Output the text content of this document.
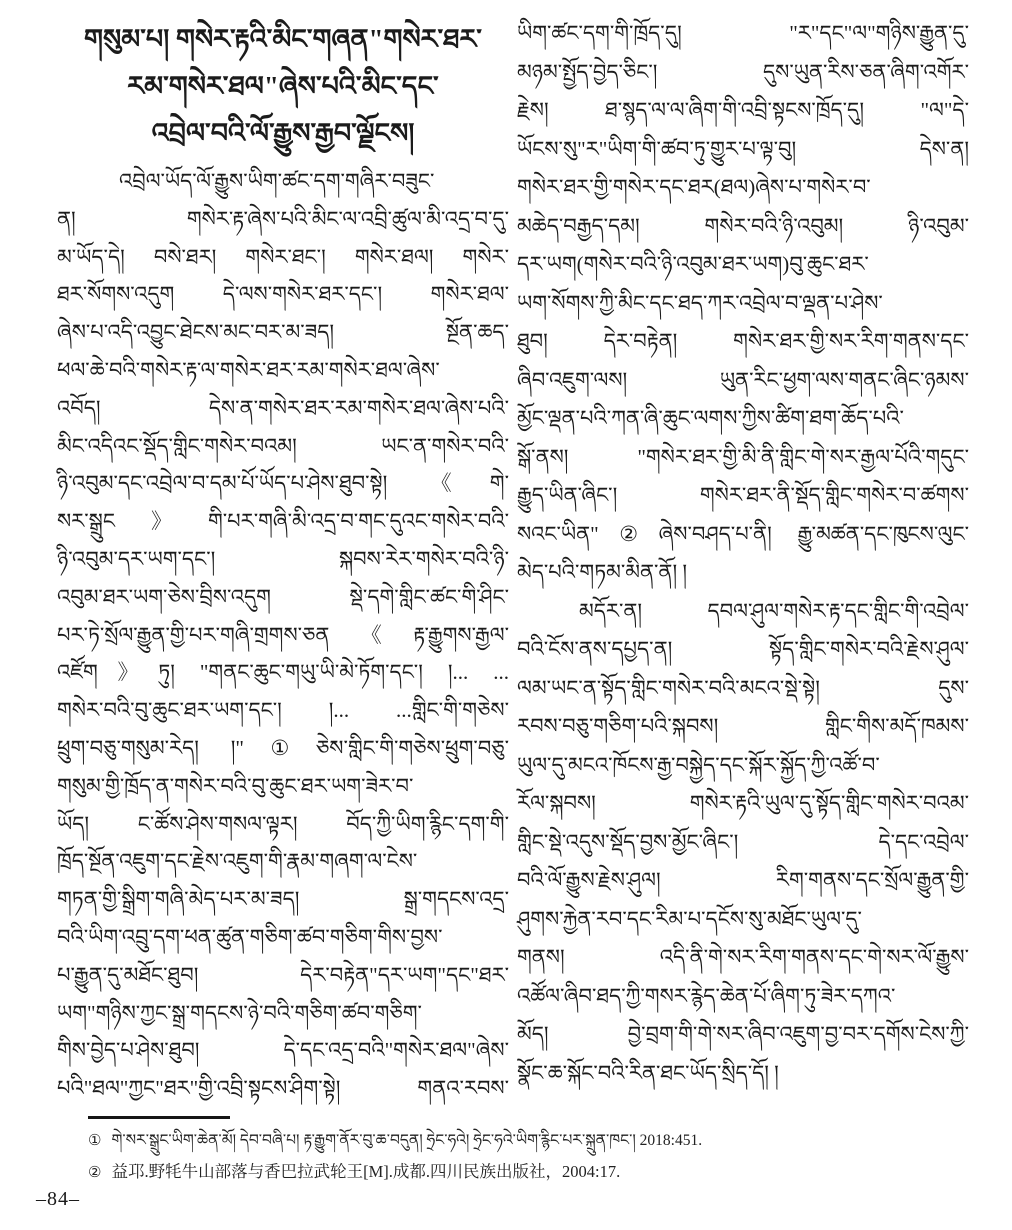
གསུམ་པ། གསེར་རྟའི་མིང་གཞན"གསེར་ཐར་
རམ་གསེར་ཐལ"ཞེས་པའི་མིང་དང་
འབྲེལ་བའི་ལོ་རྒྱུས་རྒྱབ་ལྗོངས།
འབྲེལ་ཡོད་ལོ་རྒྱུས་ཡིག་ཚང་དག་གཞིར་བཟུང་
ན། གསེར་རྟ་ཞེས་པའི་མིང་ལ་འབྲི་ཚུལ་མི་འདྲ་བ་དུ་
མ་ཡོད་དེ། བསེ་ཐར། གསེར་ཐང་། གསེར་ཐལ། གསེར་
ཐར་སོགས་འདུག དེ་ལས་གསེར་ཐར་དང་། གསེར་ཐལ་
ཞེས་པ་འདི་འབྱུང་ཐེངས་མང་བར་མ་ཟད། སྔོན་ཆད་
ཕལ་ཆེ་བའི་གསེར་རྟ་ལ་གསེར་ཐར་རམ་གསེར་ཐལ་ཞེས་
འབོད། དེས་ན་གསེར་ཐར་རམ་གསེར་ཐལ་ཞེས་པའི་
མིང་འདིའང་སྡོད་གླིང་གསེར་བའམ། ཡང་ན་གསེར་བའི་
ཉི་འབུམ་དང་འབྲེལ་བ་དམ་པོ་ཡོད་པ་ཤེས་ཐུབ་སྟེ། 《གེ་
སར་སྒྲུང》གི་པར་གཞི་མི་འདྲ་བ་གང་དུའང་གསེར་བའི་
ཉི་འབུམ་དར་ཡག་དང་། སྐབས་རེར་གསེར་བའི་ཉི་
འབུམ་ཐར་ཡག་ཅེས་བྲིས་འདུག སྡེ་དགེ་གླིང་ཚང་གི་ཤིང་
པར་ཏེ་སྲོལ་རྒྱུན་གྱི་པར་གཞི་གྲགས་ཅན《རྟ་རྒྱུགས་རྒྱལ་
འཛོག》ཏུ། "གནང་ཆུང་གཡུ་ཡི་མེ་ཏོག་དང་། །... ...
གསེར་བའི་བུ་ཆུང་ཐར་ཡག་དང་། །... ...གླིང་གི་གཅེས་
ཕྲུག་བཅུ་གསུམ་རེད། །"①ཅེས་གླིང་གི་གཅེས་ཕྲུག་བཅུ་
གསུམ་གྱི་ཁྲོད་ན་གསེར་བའི་བུ་ཆུང་ཐར་ཡག་ཟེར་བ་
ཡོད། ང་ཚོས་ཤེས་གསལ་ལྟར། བོད་ཀྱི་ཡིག་རྙིང་དག་གི་
ཁྲོད་སྔོན་འཇུག་དང་རྗེས་འཇུག་གི་རྣམ་གཞག་ལ་ངེས་
གཏན་གྱི་སྒྲིག་གཞི་མེད་པར་མ་ཟད། སྒྲ་གདངས་འདྲ་
བའི་ཡིག་འབྲུ་དག་ཕན་ཚུན་གཅིག་ཚབ་གཅིག་གིས་བྱས་
པ་རྒྱུན་དུ་མཐོང་ཐུབ། དེར་བརྟེན"དར་ཡག"དང"ཐར་
ཡག"གཉིས་ཀྱང་སྒྲ་གདངས་ཉེ་བའི་གཅིག་ཚབ་གཅིག་
གིས་བྱེད་པ་ཤེས་ཐུབ། དེ་དང་འདྲ་བའི"གསེར་ཐལ"ཞེས་
པའི"ཐལ"ཀྱང"ཐར"གྱི་འབྲི་སྟངས་ཤིག་སྟེ། གནའ་རབས་
ཡིག་ཚང་དག་གི་ཁྲོད་དུ། "ར"དང"ལ"གཉིས་རྒྱུན་དུ་
མཉམ་སྤྱོད་བྱེད་ཅིང་། དུས་ཡུན་རིས་ཅན་ཞིག་འགོར་
རྗེས། ཐ་སྙད་ལ་ལ་ཞིག་གི་འབྲི་སྟངས་ཁྲོད་དུ། "ལ"དེ་
ཡོངས་སུ"ར"ཡིག་གི་ཚབ་ཏུ་གྱུར་པ་ལྟ་བུ། དེས་ན།
གསེར་ཐར་གྱི་གསེར་དང་ཐར(ཐལ)ཞེས་པ་གསེར་བ་
མཆེད་བརྒྱད་དམ། གསེར་བའི་ཉི་འབུམ། ཉི་འབུམ་
དར་ཡག(གསེར་བའི་ཉི་འབུམ་ཐར་ཡག)བུ་ཆུང་ཐར་
ཡག་སོགས་ཀྱི་མིང་དང་ཐད་ཀར་འབྲེལ་བ་ལྡན་པ་ཤེས་
ཐུབ། དེར་བརྟེན། གསེར་ཐར་གྱི་སར་རིག་གནས་དང་
ཞིབ་འཇུག་ལས། ཡུན་རིང་ཕྱག་ལས་གནང་ཞིང་ཉམས་
མྱོང་ལྡན་པའི་ཀན་ཞི་ཆུང་ལགས་ཀྱིས་ཚིག་ཐག་ཆོད་པའི་
སྒོ་ནས། "གསེར་ཐར་གྱི་མི་ནི་གླིང་གེ་སར་རྒྱལ་པོའི་གདུང་
རྒྱུད་ཡིན་ཞིང་། གསེར་ཐར་ནི་སྡོད་གླིང་གསེར་བ་ཚགས་
སའང་ཡིན"②ཞེས་བཤད་པ་ནི། རྒྱུ་མཚན་དང་ཁུངས་ལུང་
མེད་པའི་གཏམ་མིན་ནོ། །
མདོར་ན། དབལ་ཤུལ་གསེར་རྟ་དང་གླིང་གི་འབྲེལ་
བའི་ངོས་ནས་དཔྱད་ན། སྟོད་གླིང་གསེར་བའི་རྗེས་ཤུལ་
ལམ་ཡང་ན་སྟོད་གླིང་གསེར་བའི་མངའ་སྡེ་སྟེ། དུས་
རབས་བཅུ་གཅིག་པའི་སྐབས། གླིང་གིས་མདོ་ཁམས་
ཡུལ་དུ་མངའ་ཁོངས་རྒྱ་བསྐྱེད་དང་སྐོར་སྐྱོད་ཀྱི་འཚོ་བ་
རོལ་སྐབས། གསེར་རྟའི་ཡུལ་དུ་སྟོད་གླིང་གསེར་བའམ་
གླིང་སྡེ་འདུས་སྡོད་བྱས་མྱོང་ཞིང་། དེ་དང་འབྲེལ་
བའི་ལོ་རྒྱུས་རྗེས་ཤུལ། རིག་གནས་དང་སྲོལ་རྒྱུན་གྱི་
ཤུགས་རྐྱེན་རབ་དང་རིམ་པ་དངོས་སུ་མཐོང་ཡུལ་དུ་
གནས། འདི་ནི་གེ་སར་རིག་གནས་དང་གེ་སར་ལོ་རྒྱུས་
འཚོལ་ཞིབ་ཐད་ཀྱི་གསར་རྙེད་ཆེན་པོ་ཞིག་ཏུ་ཟེར་དཀའ་
མོད། བྱེ་བྲག་གི་གེ་སར་ཞིབ་འཇུག་བྱ་བར་དགོས་ངེས་ཀྱི་
སྣོང་ཆ་སྐོང་བའི་རིན་ཐང་ཡོད་སྲིད་དོ། །
① གེ་སར་སྒྲུང་ཡིག་ཆེན་མོ། དེབ་བཞི་པ། རྟ་རྒྱུག་ནོར་བུ་ཆ་བདུན། ཧྲེང་ཧའེ། ཧྲེང་ཧའེ་ཡིག་རྙིང་པར་སྐྲུན་ཁང་། 2018:451.
② 益邛.野牦牛山部落与香巴拉武轮王[M].成都.四川民族出版社，2004:17.
–84–
